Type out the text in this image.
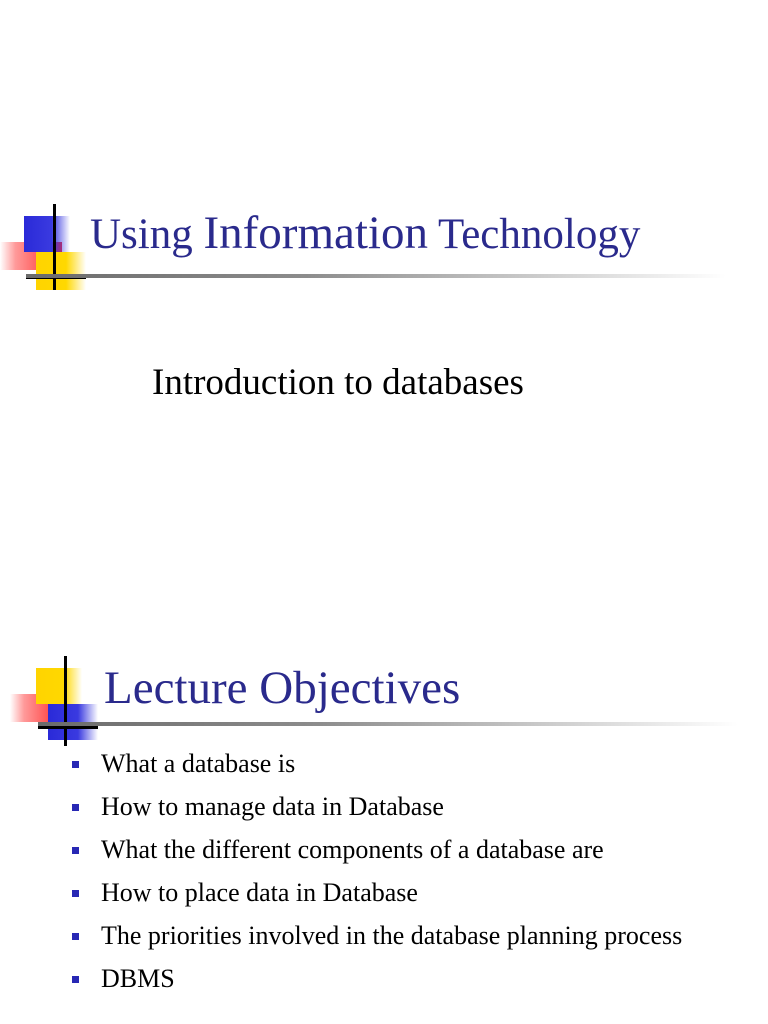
Using Information Technology

Introduction to databases

Lecture Objectives
What a database is
How to manage data in Database
What the different components of a database are
How to place data in Database
The priorities involved in the database planning process
DBMS
